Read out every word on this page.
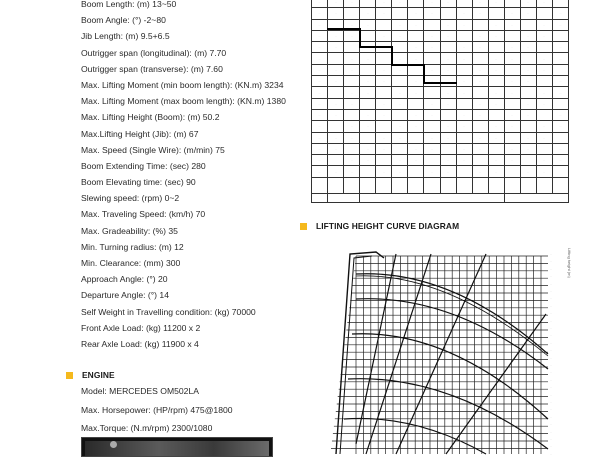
Boom Length: (m) 13~50
Boom Angle: (°) -2~80
Jib Length: (m) 9.5+6.5
Outrigger span (longitudinal): (m) 7.70
Outrigger span (transverse): (m) 7.60
Max. Lifting Moment (min boom length): (KN.m) 3234
Max. Lifting Moment (max boom length): (KN.m) 1380
Max. Lifting Height (Boom): (m) 50.2
Max.Lifting Height (Jib): (m) 67
Max. Speed (Single Wire): (m/min) 75
Boom Extending Time: (sec) 280
Boom Elevating time: (sec) 90
Slewing speed: (rpm) 0~2
Max. Traveling Speed: (km/h) 70
Max. Gradeability: (%) 35
Min. Turning radius: (m) 12
Min. Clearance: (mm) 300
Approach Angle: (°) 20
Departure Angle: (°) 14
Self Weight in Travelling condition: (kg) 70000
Front Axle Load: (kg) 11200 x 2
Rear Axle Load: (kg) 11900 x 4
ENGINE
Model: MERCEDES OM502LA
Max. Horsepower: (HP/rpm) 475@1800
Max.Torque: (N.m/rpm) 2300/1080
··	··	··		··	··		··	··		··	··		··	··	
··	··		··	··		··	··		··	··		··	··		··
··		··	··		··	··		··	··		··	··		··	··
··	··	··		··	··		··	··		··	··		··	··	
··	··					··	··		··	··		··	··		··
··		··	··		··	··		··	··		··	··		··	··
··	··	··		··	··		··	··		··	··		··	··	
··	··		··	··		··			··	··		··	··		··
··		··	··		··	··		··	··		··	··		··	··
··	··	··		··	··		··	··		··	··		··	··	
··	··		··	··		··	··		··	··		··	··		··
··		··	··		··	··		··	··		··	··		··	··
··	··	··		··	··		··	··		··	··		··	··	
··	··		··	··		··	··		··	··		··	··		··
··		··	··		··	··		··	··		··	··		··	··
··	··	··		··	··		··	··		··	··		··	··	

LIFTING HEIGHT CURVE DIAGRAM
Lifting height (m)
··
··
··
··
··
··
··
··
··
··
··
··
··
··
··
··
··
··
··
··
··
··
··
··
··
··
··
··
